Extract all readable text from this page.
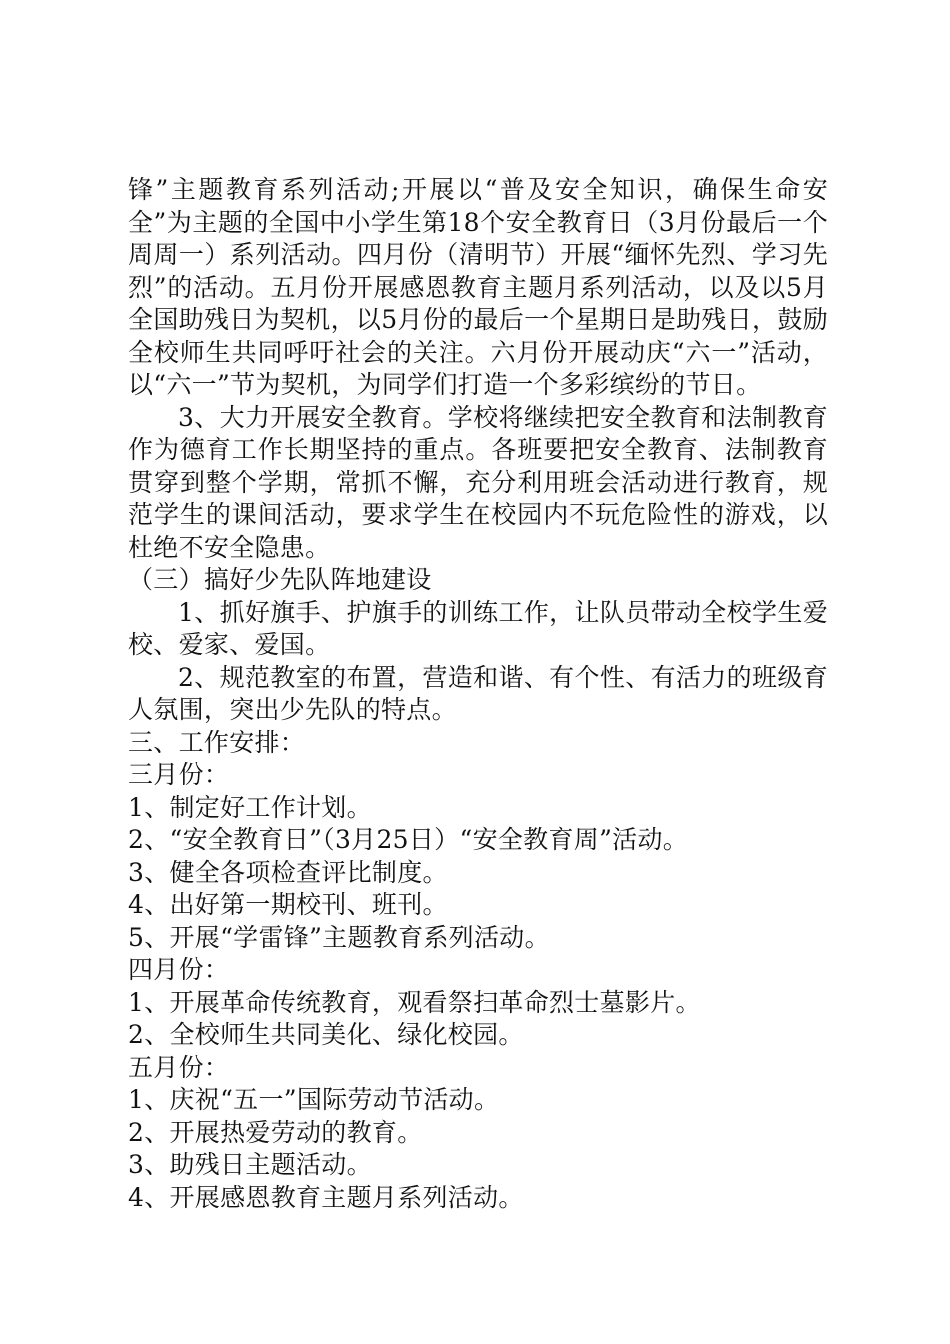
锋”主题教育系列活动;开展以“普及安全知识，确保生命安全”为主题的全国中小学生第18个安全教育日（3月份最后一个周周一）系列活动。四月份（清明节）开展“缅怀先烈、学习先烈”的活动。五月份开展感恩教育主题月系列活动，以及以5月全国助残日为契机，以5月份的最后一个星期日是助残日，鼓励全校师生共同呼吁社会的关注。六月份开展动庆“六一”活动，以“六一”节为契机，为同学们打造一个多彩缤纷的节日。

3、大力开展安全教育。学校将继续把安全教育和法制教育作为德育工作长期坚持的重点。各班要把安全教育、法制教育贯穿到整个学期，常抓不懈，充分利用班会活动进行教育，规范学生的课间活动，要求学生在校园内不玩危险性的游戏，以杜绝不安全隐患。

（三）搞好少先队阵地建设

1、抓好旗手、护旗手的训练工作，让队员带动全校学生爱校、爱家、爱国。

2、规范教室的布置，营造和谐、有个性、有活力的班级育人氛围，突出少先队的特点。

三、工作安排：

三月份：

1、制定好工作计划。

2、“安全教育日”（3月25日）“安全教育周”活动。

3、健全各项检查评比制度。

4、出好第一期校刊、班刊。

5、开展“学雷锋”主题教育系列活动。

四月份：

1、开展革命传统教育，观看祭扫革命烈士墓影片。

2、全校师生共同美化、绿化校园。

五月份：

1、庆祝“五一”国际劳动节活动。

2、开展热爱劳动的教育。

3、助残日主题活动。

4、开展感恩教育主题月系列活动。
